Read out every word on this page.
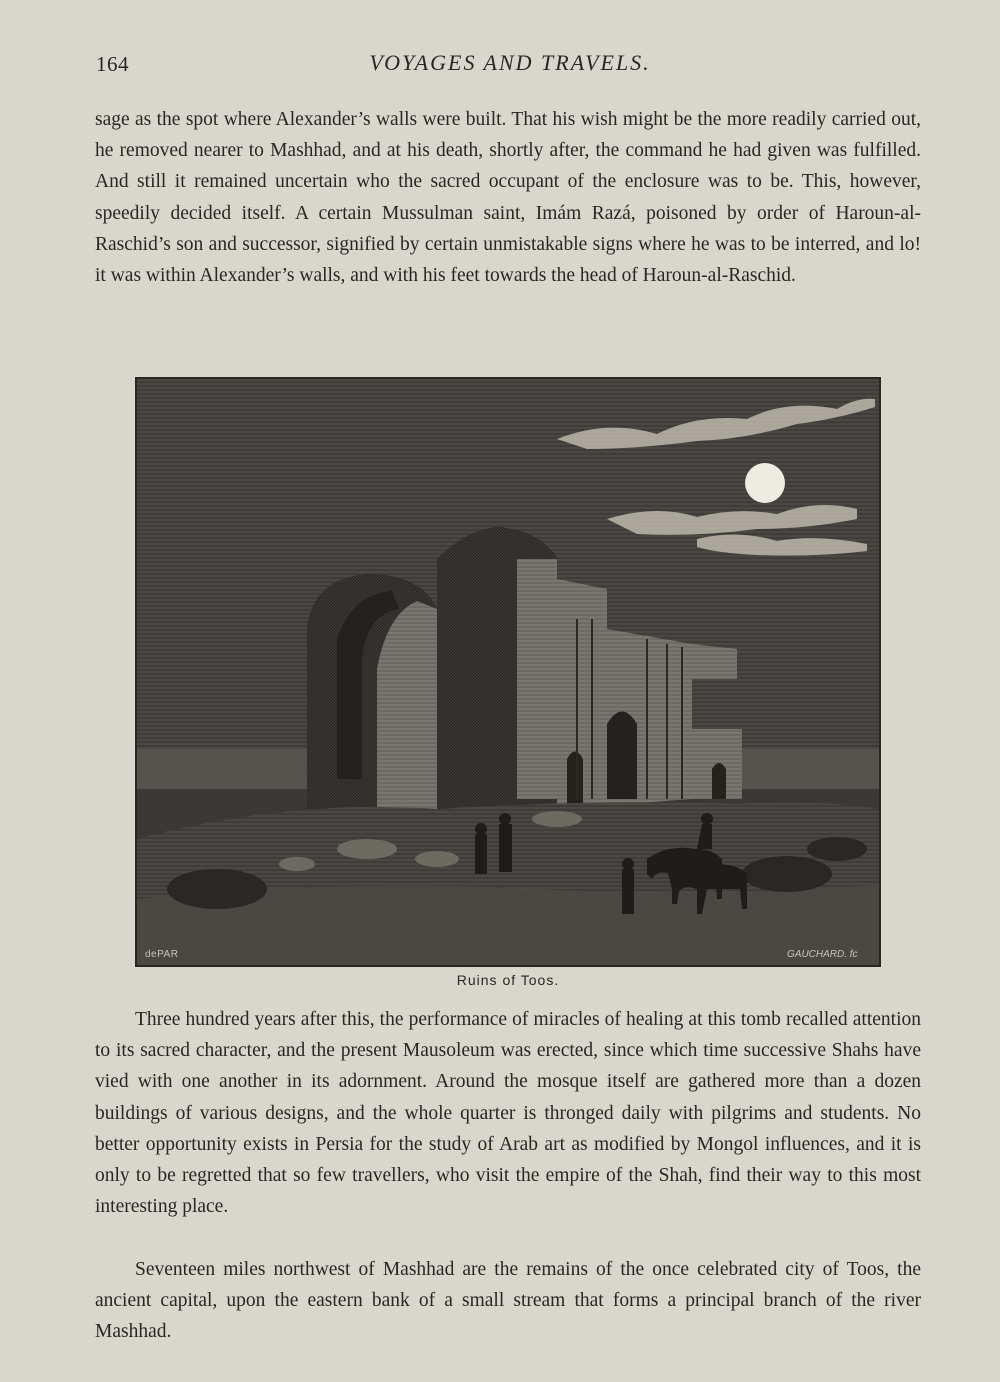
164	VOYAGES AND TRAVELS.

sage as the spot where Alexander’s walls were built. That his wish might be the more readily carried out, he removed nearer to Mashhad, and at his death, shortly after, the command he had given was fulfilled. And still it remained uncertain who the sacred occupant of the enclosure was to be. This, however, speedily decided itself. A certain Mussulman saint, Imám Razá, poisoned by order of Haroun-al-Raschid’s son and successor, signified by certain unmistakable signs where he was to be interred, and lo! it was within Alexander’s walls, and with his feet towards the head of Haroun-al-Raschid.

dePAR	GAUCHARD. fc
Ruins of Toos.

Three hundred years after this, the performance of miracles of healing at this tomb recalled attention to its sacred character, and the present Mausoleum was erected, since which time successive Shahs have vied with one another in its adornment. Around the mosque itself are gathered more than a dozen buildings of various designs, and the whole quarter is thronged daily with pilgrims and students. No better opportunity exists in Persia for the study of Arab art as modified by Mongol influences, and it is only to be regretted that so few travellers, who visit the empire of the Shah, find their way to this most interesting place.

Seventeen miles northwest of Mashhad are the remains of the once celebrated city of Toos, the ancient capital, upon the eastern bank of a small stream that forms a principal branch of the river Mashhad.
